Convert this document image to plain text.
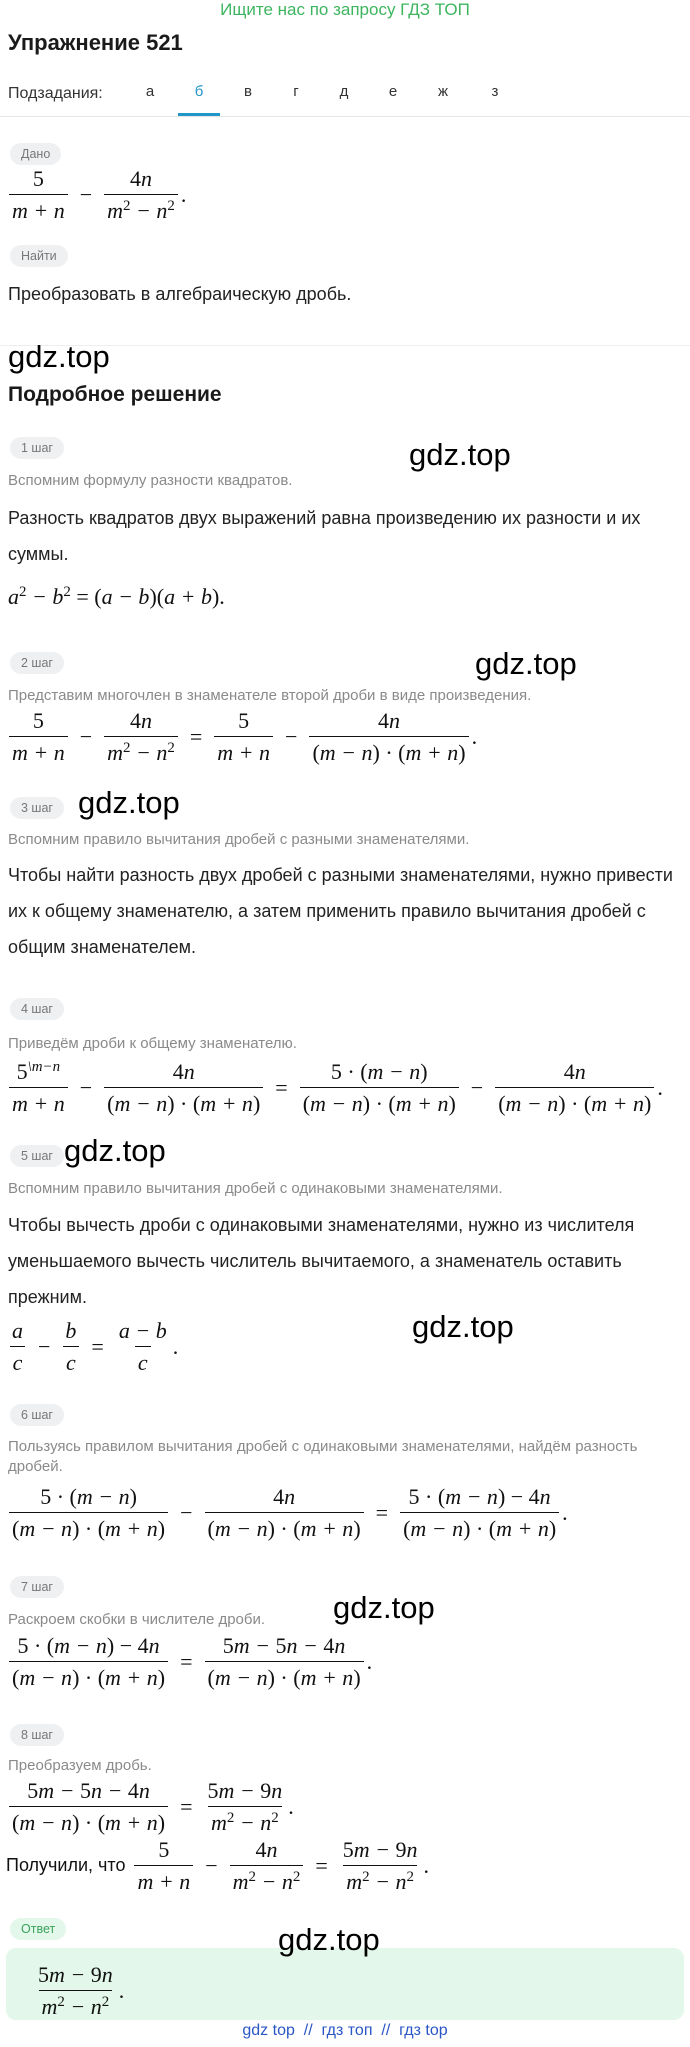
Ищите нас по запросу ГДЗ ТОП
Упражнение 521
Подзадания:	а	б	в	г	д	е	ж	з
Дано
$\frac{5}{m + n} - \frac{4n}{m^2 - n^2}$ .
Найти
Преобразовать в алгебраическую дробь.
gdz.top
Подробное решение
1 шаг	gdz.top
Вспомним формулу разности квадратов.
Разность квадратов двух выражений равна произведению их разности и их суммы.
$a^2 - b^2 = (a - b)(a + b)$.
2 шаг	gdz.top
Представим многочлен в знаменателе второй дроби в виде произведения.
$\frac{5}{m + n} - \frac{4n}{m^2 - n^2} = \frac{5}{m + n} - \frac{4n}{(m - n) \cdot (m + n)}$ .
3 шаг gdz.top
Вспомним правило вычитания дробей с разными знаменателями.
Чтобы найти разность двух дробей с разными знаменателями, нужно привести их к общему знаменателю, а затем применить правило вычитания дробей с общим знаменателем.
4 шаг
Приведём дроби к общему знаменателю.
$\frac{5^{\backslash m-n}}{m + n} - \frac{4n}{(m - n) \cdot (m + n)} = \frac{5 \cdot (m - n)}{(m - n) \cdot (m + n)} - \frac{4n}{(m - n) \cdot (m + n)}$ .
5 шаг gdz.top
Вспомним правило вычитания дробей с одинаковыми знаменателями.
Чтобы вычесть дроби с одинаковыми знаменателями, нужно из числителя уменьшаемого вычесть числитель вычитаемого, а знаменатель оставить прежним.
gdz.top
$\frac{a}{c} - \frac{b}{c} = \frac{a - b}{c}$ .
6 шаг
Пользуясь правилом вычитания дробей с одинаковыми знаменателями, найдём разность дробей.
$\frac{5 \cdot (m - n)}{(m - n) \cdot (m + n)} - \frac{4n}{(m - n) \cdot (m + n)} = \frac{5 \cdot (m - n) - 4n}{(m - n) \cdot (m + n)}$ .
7 шаг
gdz.top
Раскроем скобки в числителе дроби.
$\frac{5 \cdot (m - n) - 4n}{(m - n) \cdot (m + n)} = \frac{5m - 5n - 4n}{(m - n) \cdot (m + n)}$ .
8 шаг
Преобразуем дробь.
$\frac{5m - 5n - 4n}{(m - n) \cdot (m + n)} = \frac{5m - 9n}{m^2 - n^2}$ .
Получили, что $\frac{5}{m + n} - \frac{4n}{m^2 - n^2} = \frac{5m - 9n}{m^2 - n^2}$ .
Ответ	gdz.top
$\frac{5m - 9n}{m^2 - n^2}$ .
gdz top  //  гдз топ  //  гдз top
